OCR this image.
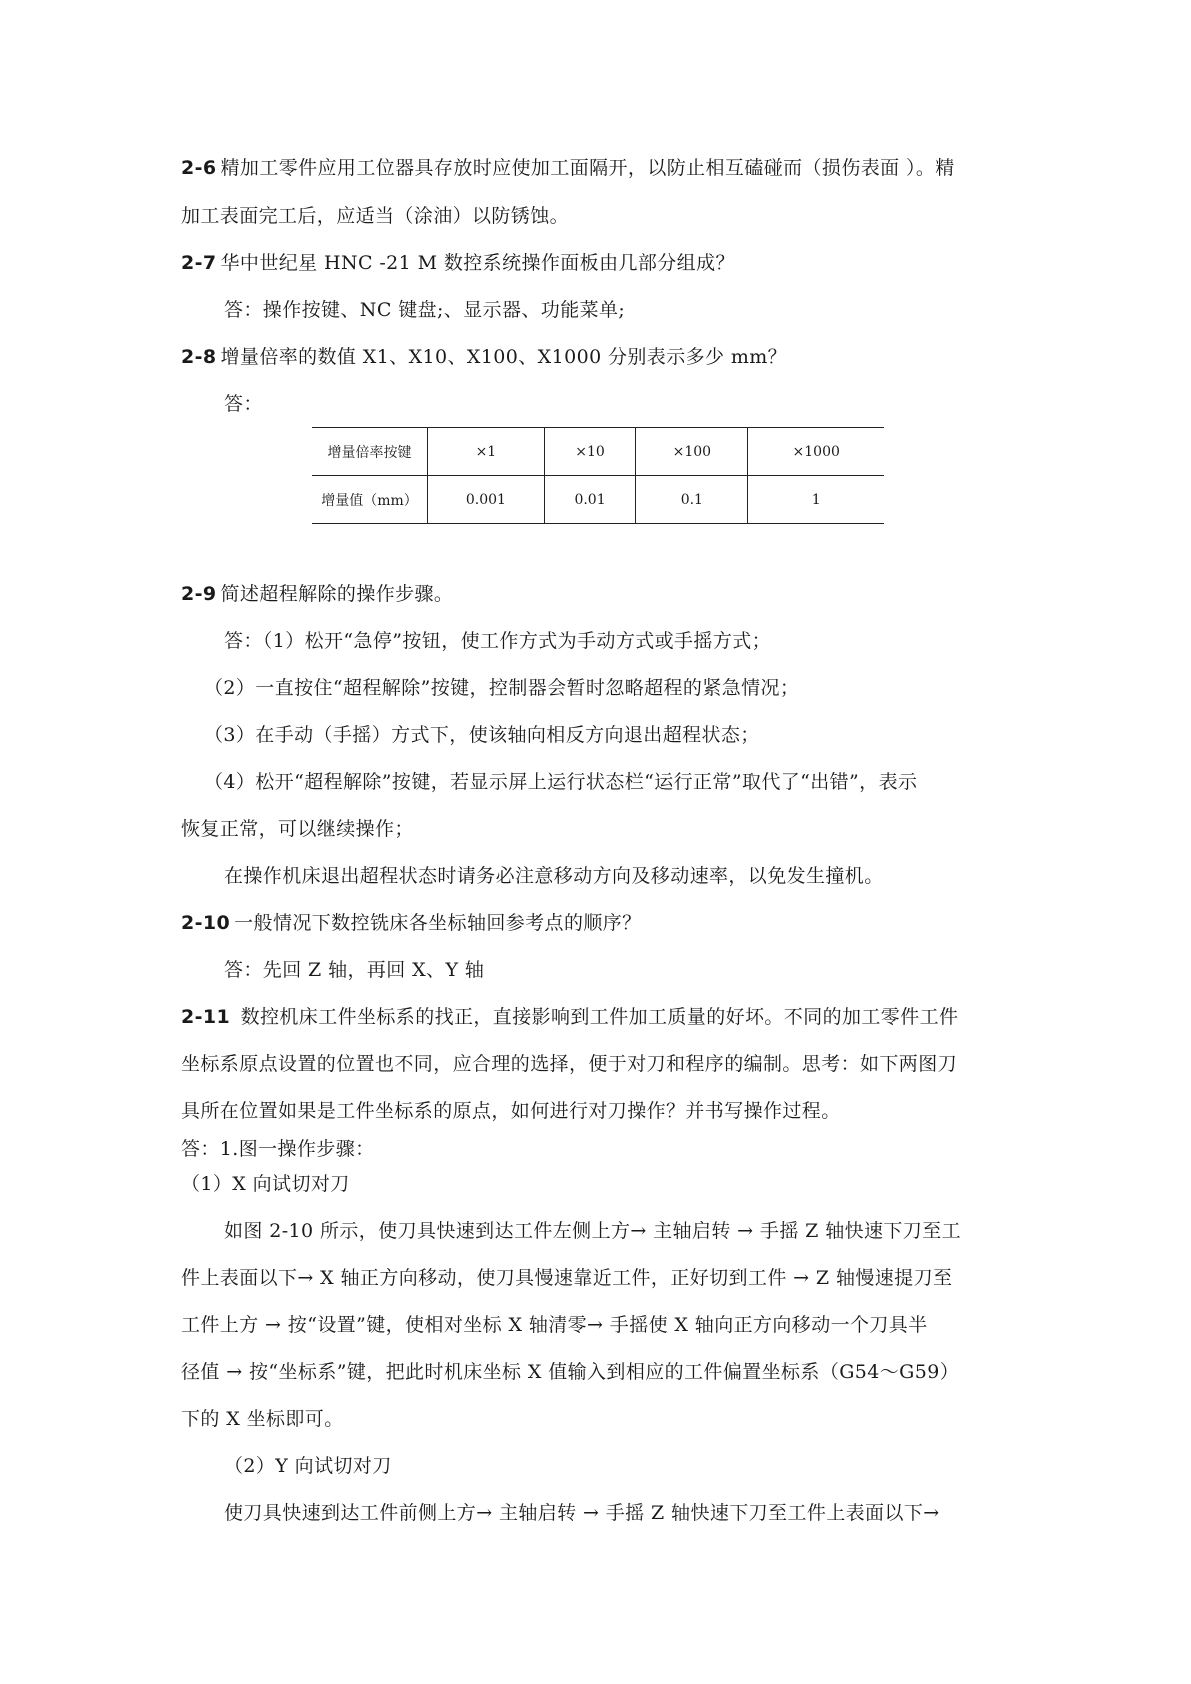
2-6 精加工零件应用工位器具存放时应使加工面隔开，以防止相互磕碰而（损伤表面 ）。精
加工表面完工后，应适当（涂油）以防锈蚀。
2-7 华中世纪星 HNC -21 M 数控系统操作面板由几部分组成？
答：操作按键、NC 键盘;、显示器、功能菜单;
2-8 增量倍率的数值 X1、X10、X100、X1000 分别表示多少 mm？
答：
增量倍率按键	×1	×10	×100	×1000
增量值（mm）	0.001	0.01	0.1	1
2-9 简述超程解除的操作步骤。
答：（1）松开“急停”按钮，使工作方式为手动方式或手摇方式；
（2）一直按住“超程解除”按键，控制器会暂时忽略超程的紧急情况；
（3）在手动（手摇）方式下，使该轴向相反方向退出超程状态；
（4）松开“超程解除”按键，若显示屏上运行状态栏“运行正常”取代了“出错”，表示
恢复正常，可以继续操作；
在操作机床退出超程状态时请务必注意移动方向及移动速率，以免发生撞机。
2-10 一般情况下数控铣床各坐标轴回参考点的顺序？
答：先回 Z 轴，再回 X、Y 轴
2-11 数控机床工件坐标系的找正，直接影响到工件加工质量的好坏。不同的加工零件工件
坐标系原点设置的位置也不同，应合理的选择，便于对刀和程序的编制。思考：如下两图刀
具所在位置如果是工件坐标系的原点，如何进行对刀操作？并书写操作过程。
答：1.图一操作步骤：
（1）X 向试切对刀
如图 2-10 所示，使刀具快速到达工件左侧上方→ 主轴启转 → 手摇 Z 轴快速下刀至工
件上表面以下→ X 轴正方向移动，使刀具慢速靠近工件，正好切到工件 → Z 轴慢速提刀至
工件上方 → 按“设置”键，使相对坐标 X 轴清零→ 手摇使 X 轴向正方向移动一个刀具半
径值 → 按“坐标系”键，把此时机床坐标 X 值输入到相应的工件偏置坐标系（G54～G59）
下的 X 坐标即可。
（2）Y 向试切对刀
使刀具快速到达工件前侧上方→ 主轴启转 → 手摇 Z 轴快速下刀至工件上表面以下→
